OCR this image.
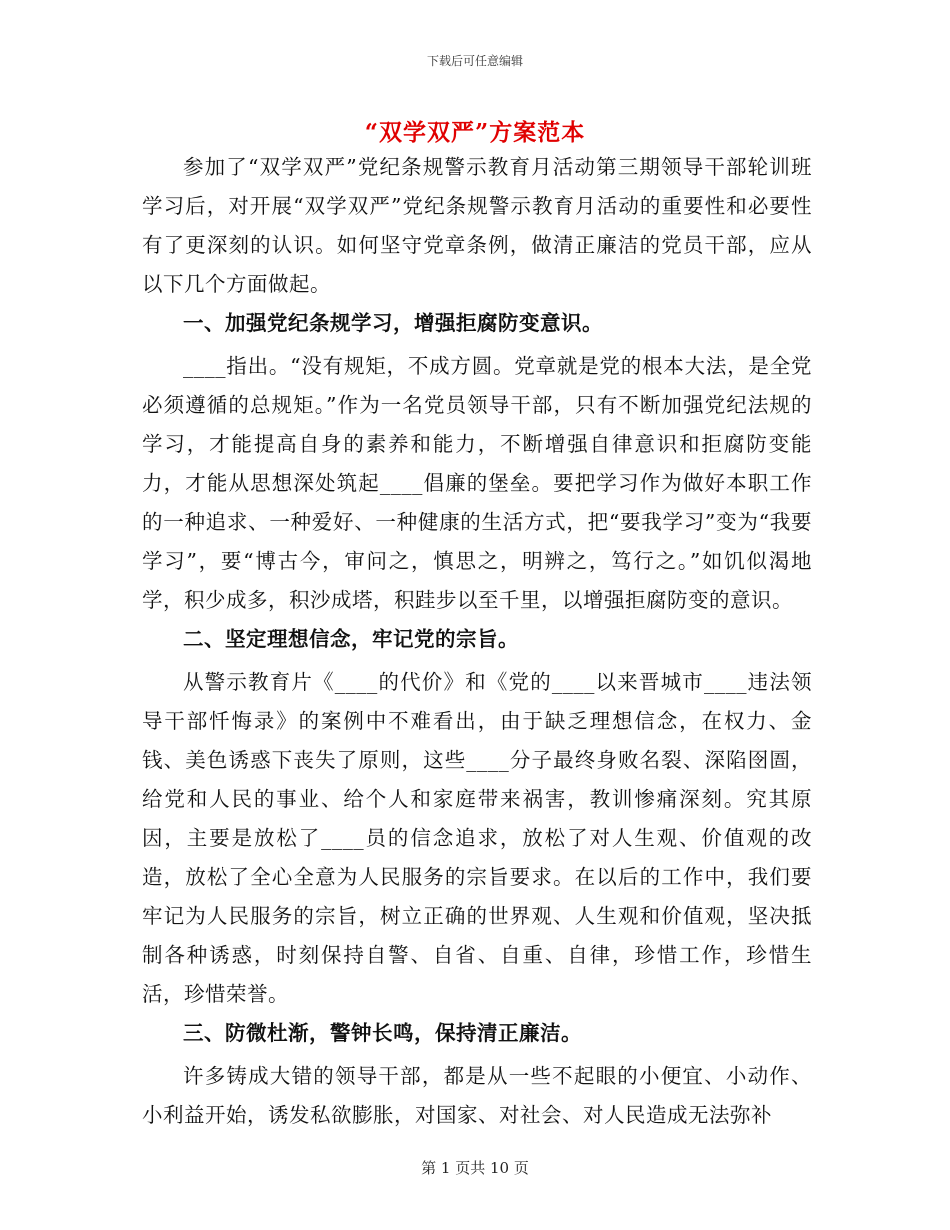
下载后可任意编辑
“双学双严”方案范本

参加了“双学双严”党纪条规警示教育月活动第三期领导干部轮训班学习后，对开展“双学双严”党纪条规警示教育月活动的重要性和必要性有了更深刻的认识。如何坚守党章条例，做清正廉洁的党员干部，应从以下几个方面做起。

一、加强党纪条规学习，增强拒腐防变意识。

____指出。“没有规矩，不成方圆。党章就是党的根本大法，是全党必须遵循的总规矩。”作为一名党员领导干部，只有不断加强党纪法规的学习，才能提高自身的素养和能力，不断增强自律意识和拒腐防变能力，才能从思想深处筑起____倡廉的堡垒。要把学习作为做好本职工作的一种追求、一种爱好、一种健康的生活方式，把“要我学习”变为“我要学习”，要“博古今，审问之，慎思之，明辨之，笃行之。”如饥似渴地学，积少成多，积沙成塔，积跬步以至千里，以增强拒腐防变的意识。

二、坚定理想信念，牢记党的宗旨。

从警示教育片《____的代价》和《党的____以来晋城市____违法领导干部忏悔录》的案例中不难看出，由于缺乏理想信念，在权力、金钱、美色诱惑下丧失了原则，这些____分子最终身败名裂、深陷囹圄，给党和人民的事业、给个人和家庭带来祸害，教训惨痛深刻。究其原因，主要是放松了____员的信念追求，放松了对人生观、价值观的改造，放松了全心全意为人民服务的宗旨要求。在以后的工作中，我们要牢记为人民服务的宗旨，树立正确的世界观、人生观和价值观，坚决抵制各种诱惑，时刻保持自警、自省、自重、自律，珍惜工作，珍惜生活，珍惜荣誉。

三、防微杜渐，警钟长鸣，保持清正廉洁。

许多铸成大错的领导干部，都是从一些不起眼的小便宜、小动作、小利益开始，诱发私欲膨胀，对国家、对社会、对人民造成无法弥补

第 1 页共 10 页
